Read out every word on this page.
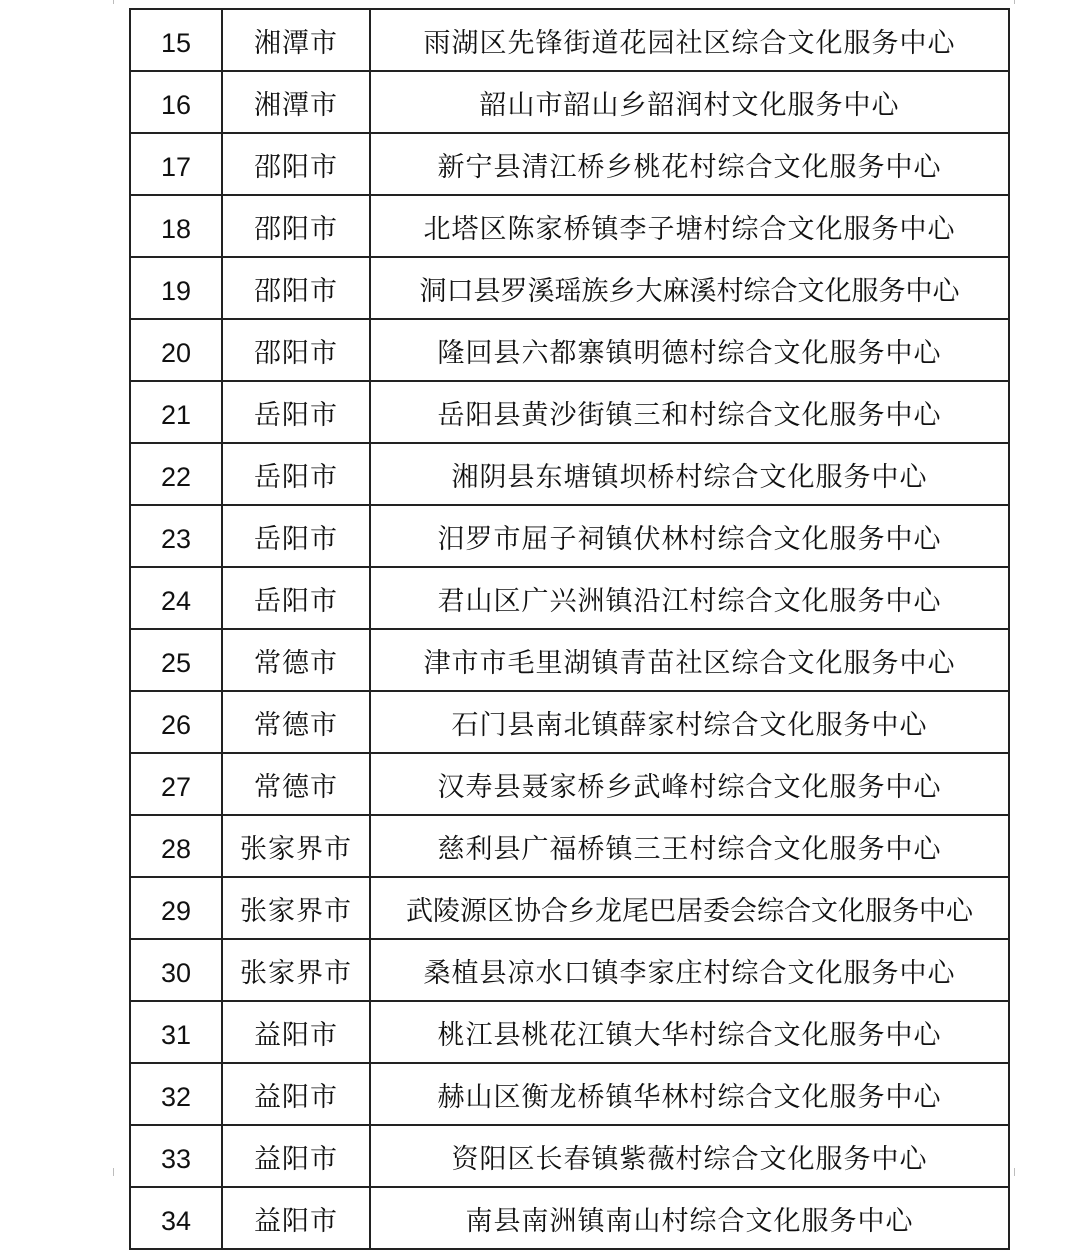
15	湘潭市	雨湖区先锋街道花园社区综合文化服务中心
16	湘潭市	韶山市韶山乡韶润村文化服务中心
17	邵阳市	新宁县清江桥乡桃花村综合文化服务中心
18	邵阳市	北塔区陈家桥镇李子塘村综合文化服务中心
19	邵阳市	洞口县罗溪瑶族乡大麻溪村综合文化服务中心
20	邵阳市	隆回县六都寨镇明德村综合文化服务中心
21	岳阳市	岳阳县黄沙街镇三和村综合文化服务中心
22	岳阳市	湘阴县东塘镇坝桥村综合文化服务中心
23	岳阳市	汨罗市屈子祠镇伏林村综合文化服务中心
24	岳阳市	君山区广兴洲镇沿江村综合文化服务中心
25	常德市	津市市毛里湖镇青苗社区综合文化服务中心
26	常德市	石门县南北镇薛家村综合文化服务中心
27	常德市	汉寿县聂家桥乡武峰村综合文化服务中心
28	张家界市	慈利县广福桥镇三王村综合文化服务中心
29	张家界市	武陵源区协合乡龙尾巴居委会综合文化服务中心
30	张家界市	桑植县凉水口镇李家庄村综合文化服务中心
31	益阳市	桃江县桃花江镇大华村综合文化服务中心
32	益阳市	赫山区衡龙桥镇华林村综合文化服务中心
33	益阳市	资阳区长春镇紫薇村综合文化服务中心
34	益阳市	南县南洲镇南山村综合文化服务中心
